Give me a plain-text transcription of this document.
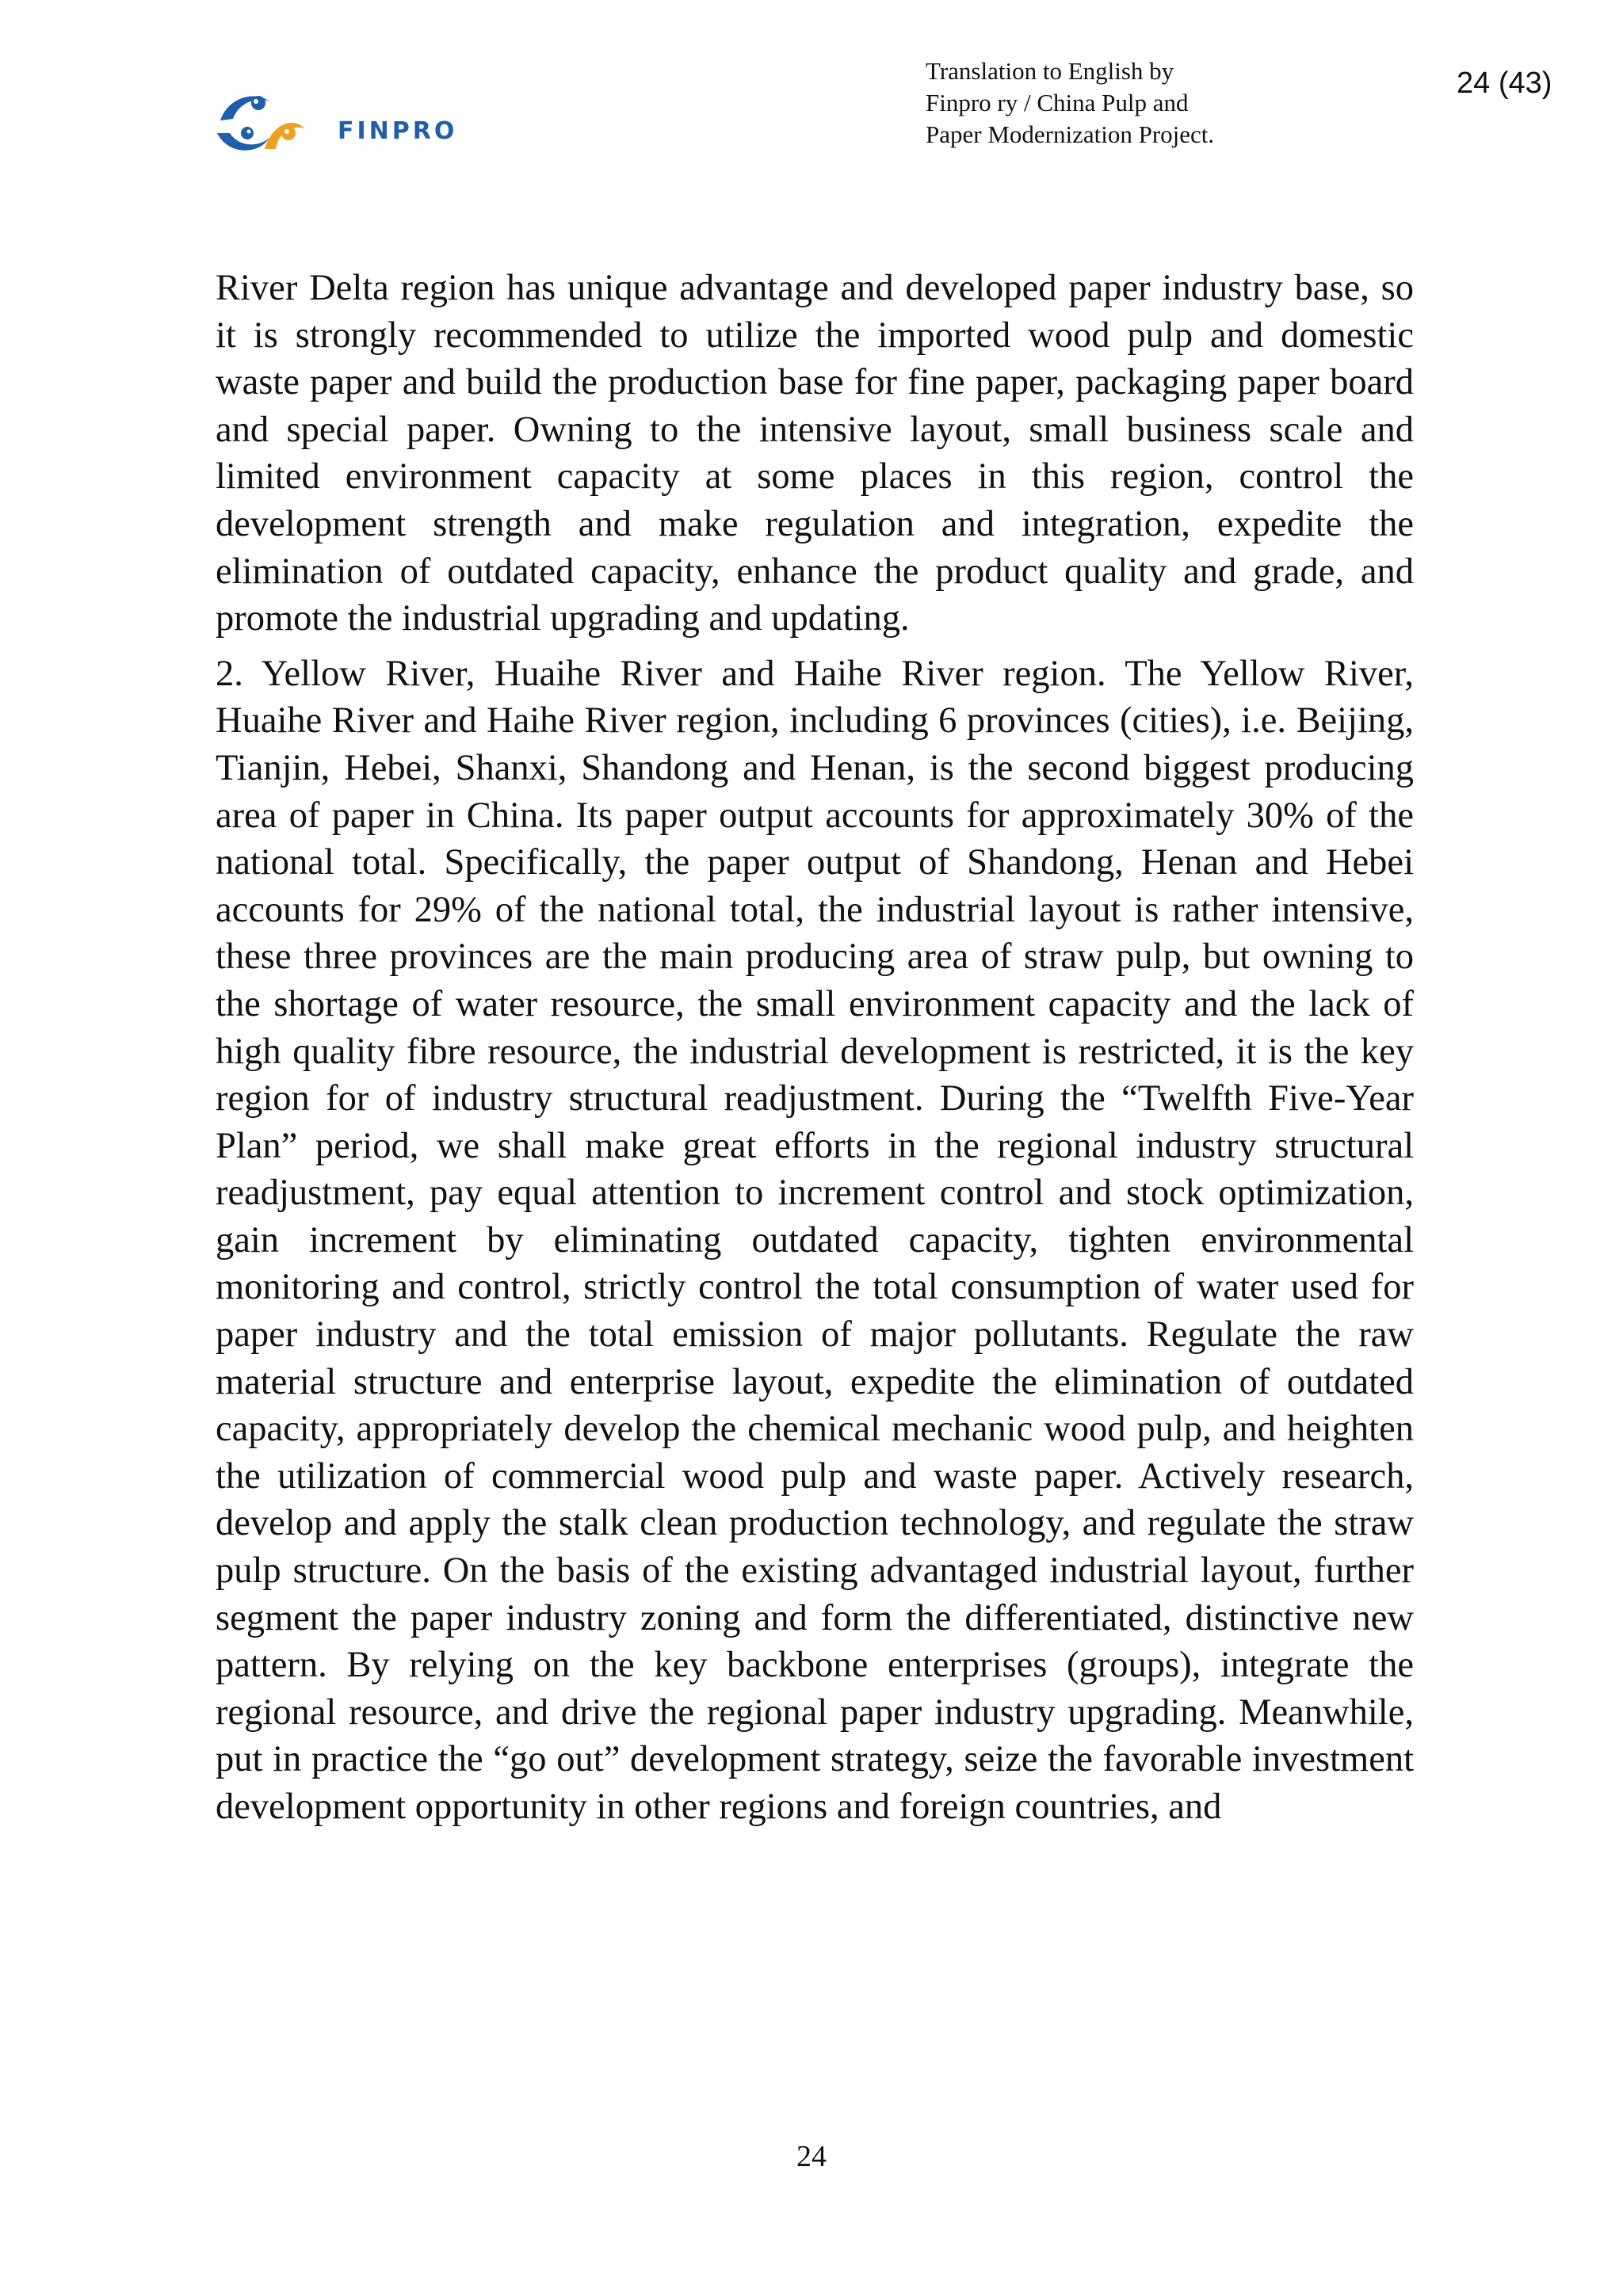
FINPRO
Translation to English by
Finpro ry / China Pulp and
Paper Modernization Project.
24 (43)

River Delta region has unique advantage and developed paper industry base, so it is strongly recommended to utilize the imported wood pulp and domestic waste paper and build the production base for fine paper, packaging paper board and special paper. Owning to the intensive layout, small business scale and limited environment capacity at some places in this region, control the development strength and make regulation and integration, expedite the elimination of outdated capacity, enhance the product quality and grade, and promote the industrial upgrading and updating.

2. Yellow River, Huaihe River and Haihe River region. The Yellow River, Huaihe River and Haihe River region, including 6 provinces (cities), i.e. Beijing, Tianjin, Hebei, Shanxi, Shandong and Henan, is the second biggest producing area of paper in China. Its paper output accounts for approximately 30% of the national total. Specifically, the paper output of Shandong, Henan and Hebei accounts for 29% of the national total, the industrial layout is rather intensive, these three provinces are the main producing area of straw pulp, but owning to the shortage of water resource, the small environment capacity and the lack of high quality fibre resource, the industrial development is restricted, it is the key region for of industry structural readjustment. During the “Twelfth Five-Year Plan” period, we shall make great efforts in the regional industry structural readjustment, pay equal attention to increment control and stock optimization, gain increment by eliminating outdated capacity, tighten environmental monitoring and control, strictly control the total consumption of water used for paper industry and the total emission of major pollutants. Regulate the raw material structure and enterprise layout, expedite the elimination of outdated capacity, appropriately develop the chemical mechanic wood pulp, and heighten the utilization of commercial wood pulp and waste paper. Actively research, develop and apply the stalk clean production technology, and regulate the straw pulp structure. On the basis of the existing advantaged industrial layout, further segment the paper industry zoning and form the differentiated, distinctive new pattern. By relying on the key backbone enterprises (groups), integrate the regional resource, and drive the regional paper industry upgrading. Meanwhile, put in practice the “go out” development strategy, seize the favorable investment development opportunity in other regions and foreign countries, and

24
